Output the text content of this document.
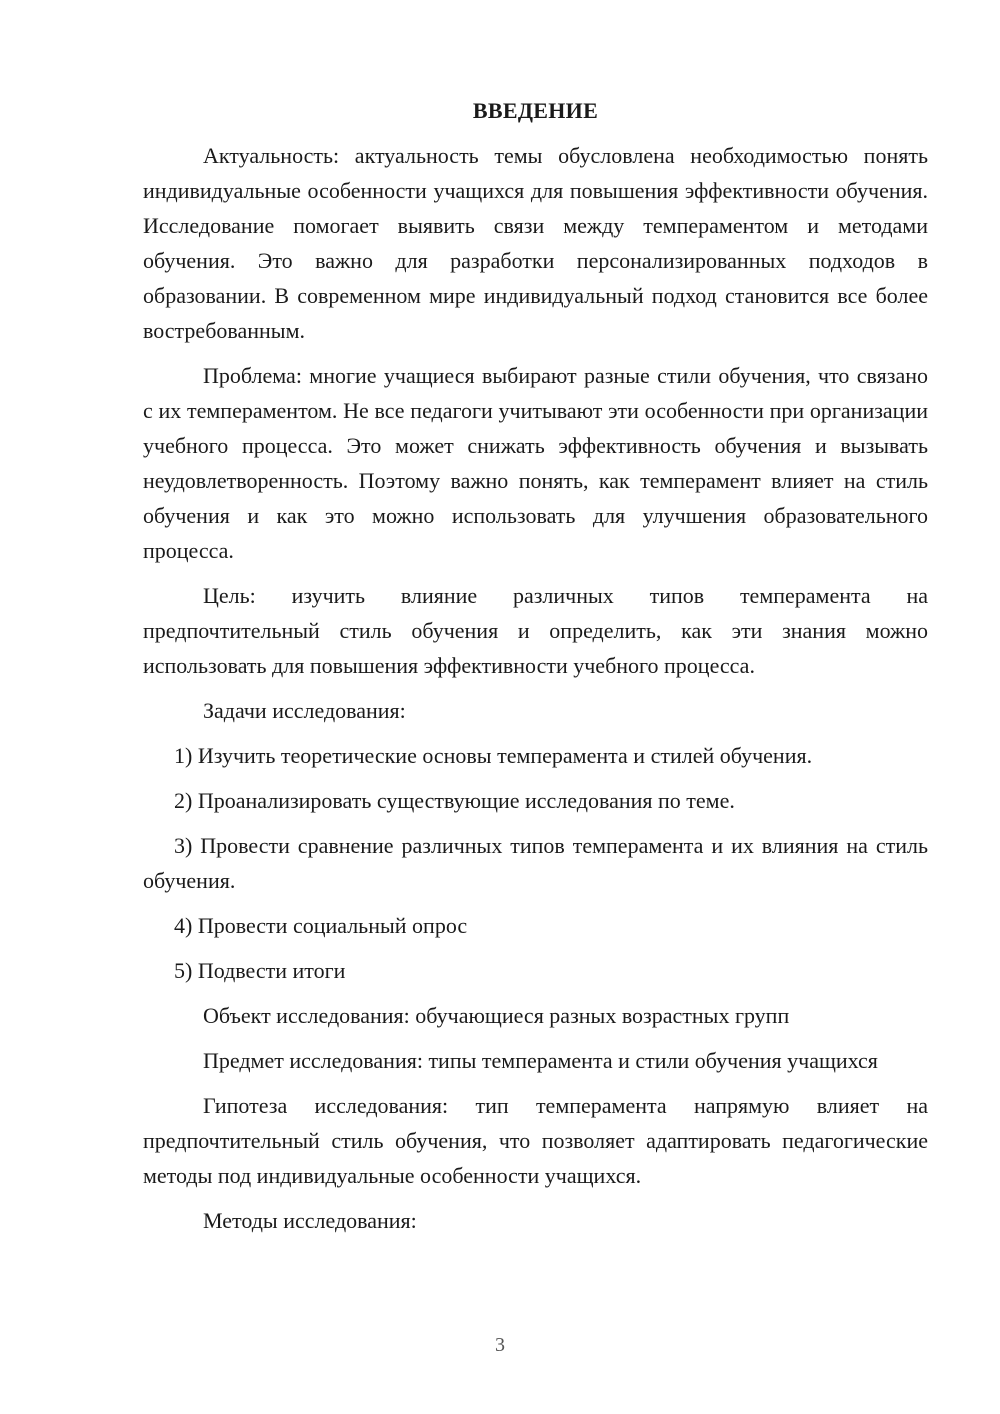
ВВЕДЕНИЕ

Актуальность: актуальность темы обусловлена необходимостью понять индивидуальные особенности учащихся для повышения эффективности обучения. Исследование помогает выявить связи между темпераментом и методами обучения. Это важно для разработки персонализированных подходов в образовании. В современном мире индивидуальный подход становится все более востребованным.

Проблема: многие учащиеся выбирают разные стили обучения, что связано с их темпераментом. Не все педагоги учитывают эти особенности при организации учебного процесса. Это может снижать эффективность обучения и вызывать неудовлетворенность. Поэтому важно понять, как темперамент влияет на стиль обучения и как это можно использовать для улучшения образовательного процесса.

Цель: изучить влияние различных типов темперамента на предпочтительный стиль обучения и определить, как эти знания можно использовать для повышения эффективности учебного процесса.

Задачи исследования:

1) Изучить теоретические основы темперамента и стилей обучения.

2) Проанализировать существующие исследования по теме.

3) Провести сравнение различных типов темперамента и их влияния на стиль обучения.

4) Провести социальный опрос

5) Подвести итоги

Объект исследования: обучающиеся разных возрастных групп

Предмет исследования: типы темперамента и стили обучения учащихся

Гипотеза исследования: тип темперамента напрямую влияет на предпочтительный стиль обучения, что позволяет адаптировать педагогические методы под индивидуальные особенности учащихся.

Методы исследования:

3
